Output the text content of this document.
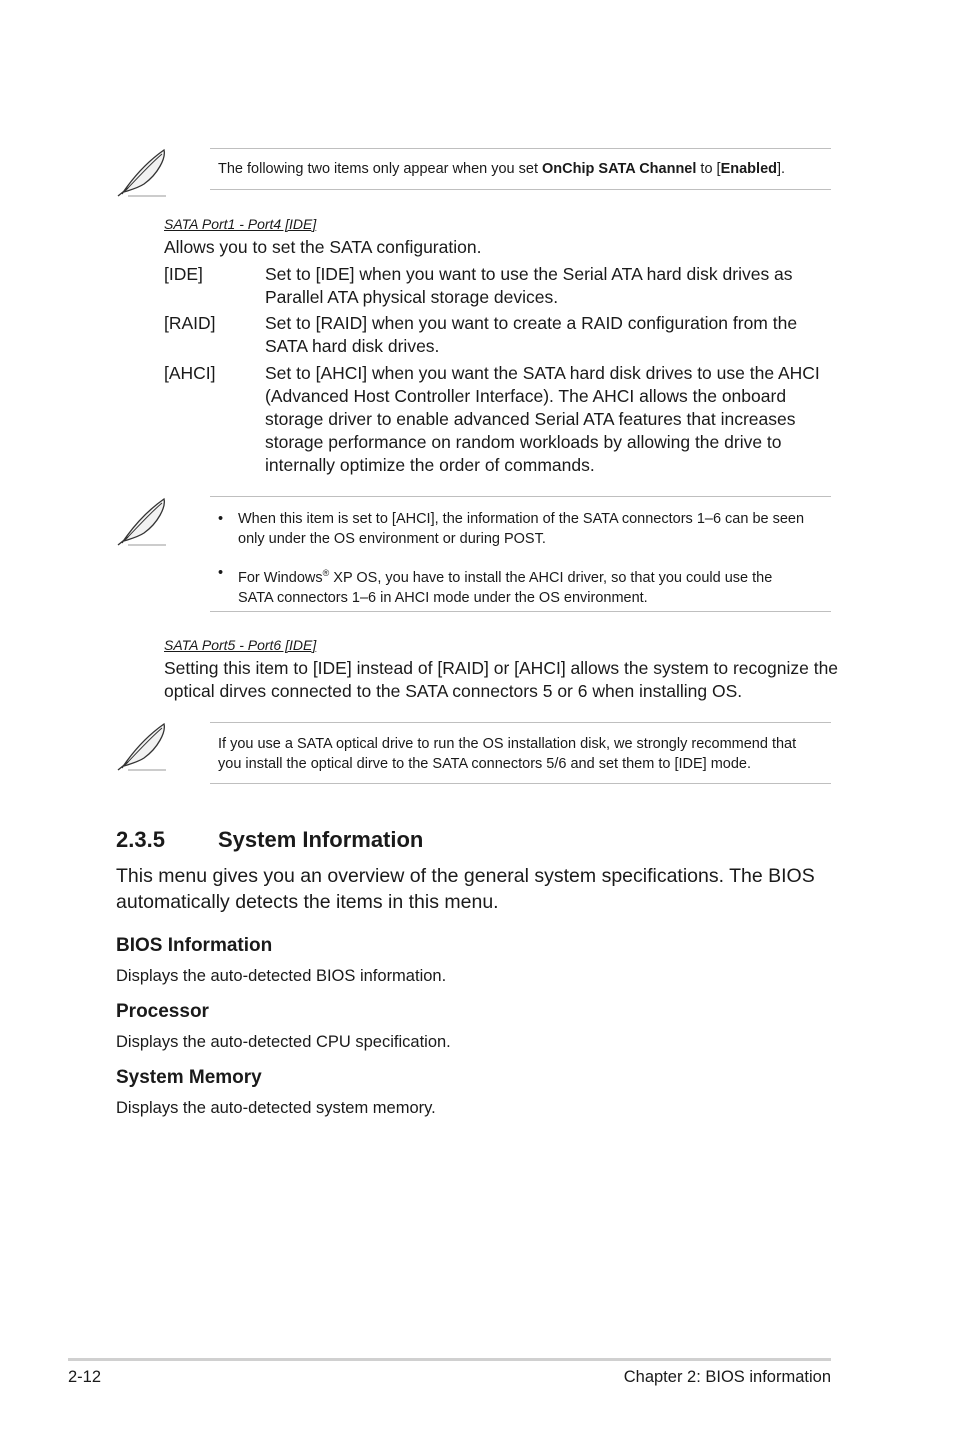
The following two items only appear when you set OnChip SATA Channel to [Enabled].
SATA Port1 - Port4 [IDE]
Allows you to set the SATA configuration.
[IDE]	Set to [IDE] when you want to use the Serial ATA hard disk drives as
Parallel ATA physical storage devices.
[RAID]	Set to [RAID] when you want to create a RAID configuration from the
SATA hard disk drives.
[AHCI]	Set to [AHCI] when you want the SATA hard disk drives to use the AHCI
(Advanced Host Controller Interface). The AHCI allows the onboard
storage driver to enable advanced Serial ATA features that increases
storage performance on random workloads by allowing the drive to
internally optimize the order of commands.
• When this item is set to [AHCI], the information of the SATA connectors 1–6 can be seen
only under the OS environment or during POST.
• For Windows® XP OS, you have to install the AHCI driver, so that you could use the
SATA connectors 1–6 in AHCI mode under the OS environment.
SATA Port5 - Port6 [IDE]
Setting this item to [IDE] instead of [RAID] or [AHCI] allows the system to recognize the
optical dirves connected to the SATA connectors 5 or 6 when installing OS.
If you use a SATA optical drive to run the OS installation disk, we strongly recommend that
you install the optical dirve to the SATA connectors 5/6 and set them to [IDE] mode.
2.3.5 System Information
This menu gives you an overview of the general system specifications. The BIOS
automatically detects the items in this menu.
BIOS Information
Displays the auto-detected BIOS information.
Processor
Displays the auto-detected CPU specification.
System Memory
Displays the auto-detected system memory.
2-12	Chapter 2: BIOS information
